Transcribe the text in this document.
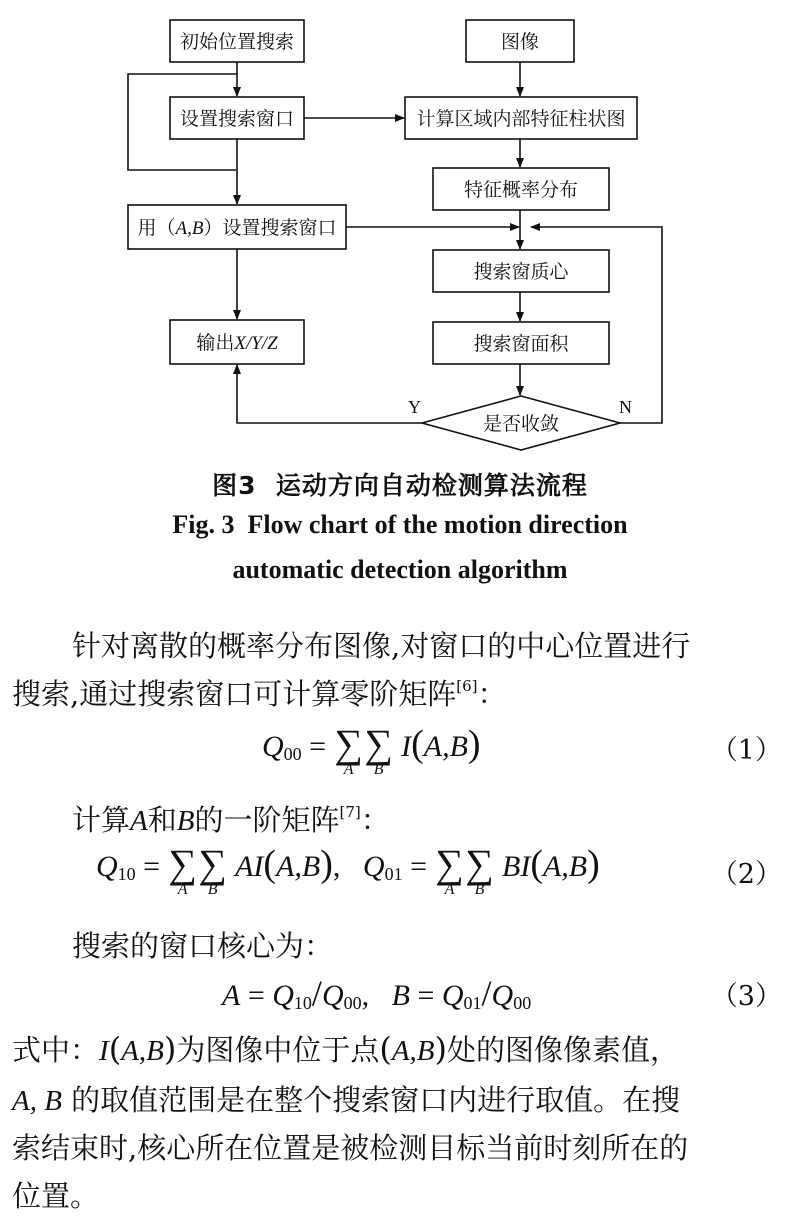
初始位置搜索
设置搜索窗口
用（A,B）设置搜索窗口
输出X/Y/Z
图像
计算区域内部特征柱状图
特征概率分布
搜索窗质心
搜索窗面积
是否收敛
Y	N
图3  运动方向自动检测算法流程
Fig. 3  Flow chart of the motion direction
automatic detection algorithm
针对离散的概率分布图像,对窗口的中心位置进行
搜索,通过搜索窗口可计算零阶矩阵[6]：
Q00 = ∑
A
∑
B
I(A,B)	（1）
计算A和B的一阶矩阵[7]：
Q10 = ∑
A
∑
B
AI(A,B),   Q01 = ∑
A
∑
B
BI(A,B)	（2）
搜索的窗口核心为：
A = Q10/Q00,   B = Q01/Q00	（3）
式中：I(A,B)为图像中位于点(A,B)处的图像像素值，
A, B 的取值范围是在整个搜索窗口内进行取值。在搜
索结束时,核心所在位置是被检测目标当前时刻所在的
位置。
